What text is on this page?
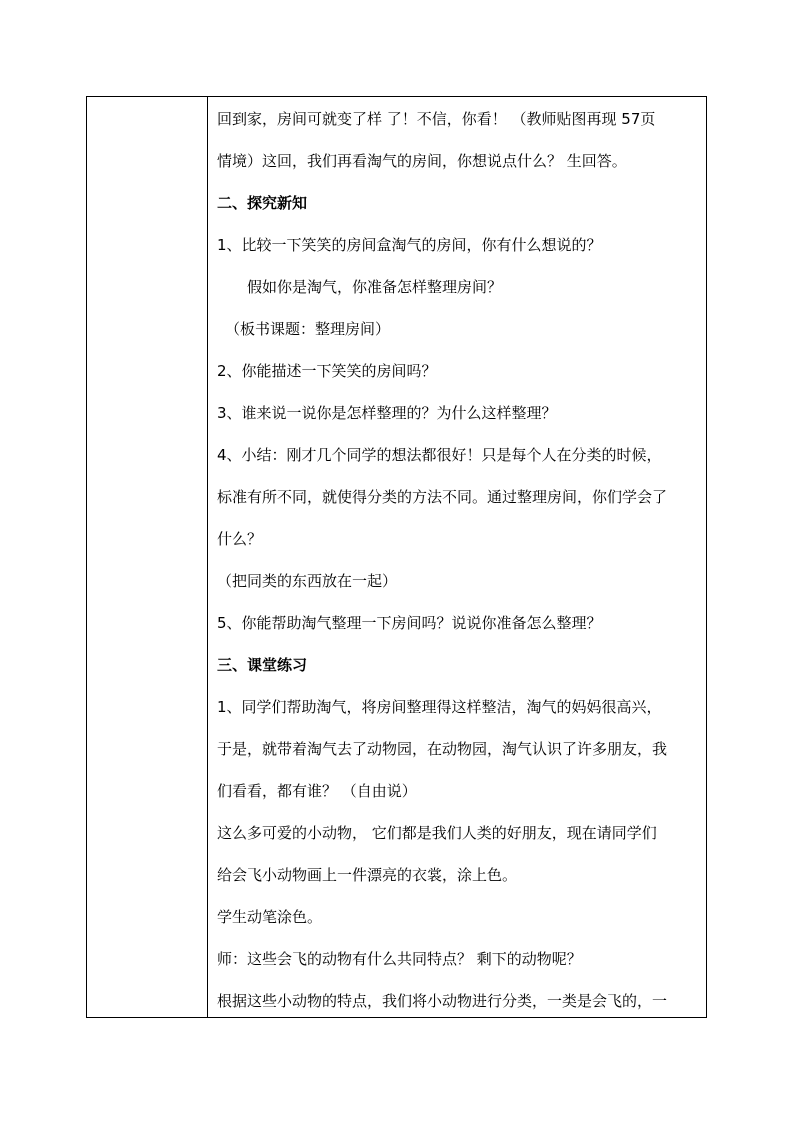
回到家，房间可就变了样 了！不信，你看！ （教师贴图再现 57页
情境）这回，我们再看淘气的房间，你想说点什么？ 生回答。
二、探究新知
1、比较一下笑笑的房间盒淘气的房间，你有什么想说的？
假如你是淘气，你准备怎样整理房间？
（板书课题：整理房间）
2、你能描述一下笑笑的房间吗？
3、谁来说一说你是怎样整理的？为什么这样整理？
4、小结：刚才几个同学的想法都很好！只是每个人在分类的时候，
标准有所不同，就使得分类的方法不同。通过整理房间，你们学会了
什么？
（把同类的东西放在一起）
5、你能帮助淘气整理一下房间吗？说说你准备怎么整理？
三、课堂练习
1、同学们帮助淘气，将房间整理得这样整洁，淘气的妈妈很高兴，
于是，就带着淘气去了动物园，在动物园，淘气认识了许多朋友，我
们看看，都有谁？ （自由说）
这么多可爱的小动物， 它们都是我们人类的好朋友，现在请同学们
给会飞小动物画上一件漂亮的衣裳，涂上色。
学生动笔涂色。
师：这些会飞的动物有什么共同特点？ 剩下的动物呢？
根据这些小动物的特点，我们将小动物进行分类，一类是会飞的，一
